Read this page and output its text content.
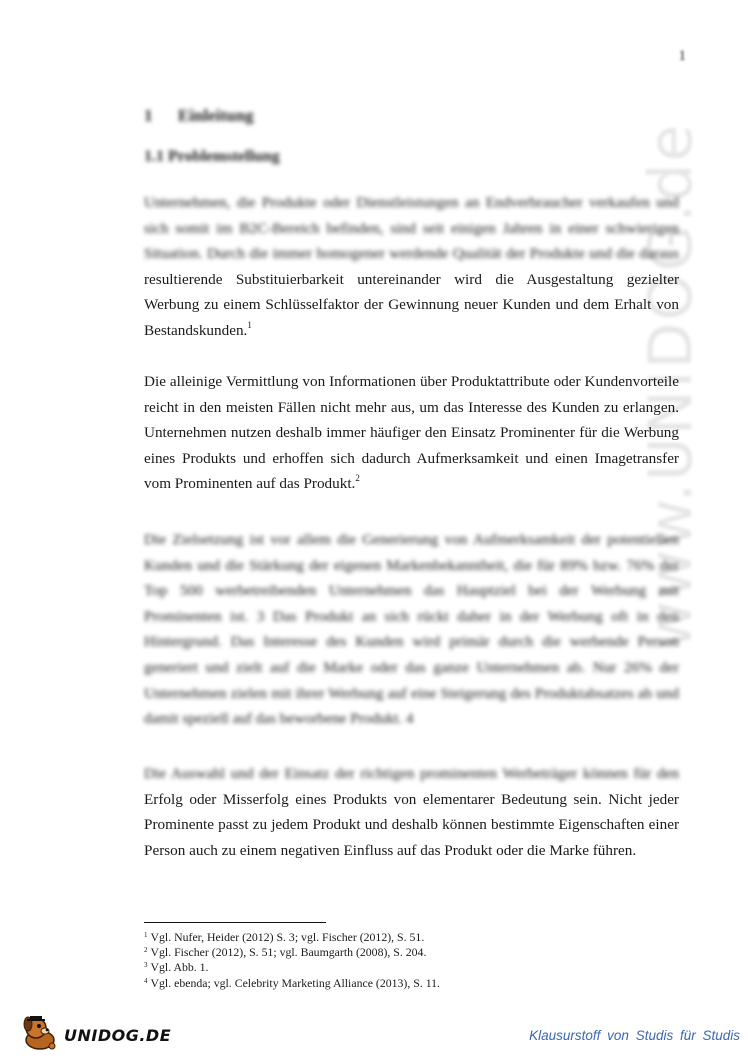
1
www.UNIDOG.de
1 Einleitung
1.1 Problemstellung

Unternehmen, die Produkte oder Dienstleistungen an Endverbraucher verkaufen und sich somit im B2C-Bereich befinden, sind seit einigen Jahren in einer schwierigen Situation. Durch die immer homogener werdende Qualität der Produkte und die daraus resultierende Substituierbarkeit untereinander wird die Ausgestaltung gezielter Werbung zu einem Schlüsselfaktor der Gewinnung neuer Kunden und dem Erhalt von Bestandskunden.$^1$

Die alleinige Vermittlung von Informationen über Produktattribute oder Kundenvorteile reicht in den meisten Fällen nicht mehr aus, um das Interesse des Kunden zu erlangen. Unternehmen nutzen deshalb immer häufiger den Einsatz Prominenter für die Werbung eines Produkts und erhoffen sich dadurch Aufmerksamkeit und einen Imagetransfer vom Prominenten auf das Produkt.$^2$

Die Zielsetzung ist vor allem die Generierung von Aufmerksamkeit der potentiellen Kunden und die Stärkung der eigenen Markenbekanntheit, die für 89% bzw. 76% der Top 500 werbetreibenden Unternehmen das Hauptziel bei der Werbung mit Prominenten ist. 3 Das Produkt an sich rückt daher in der Werbung oft in den Hintergrund. Das Interesse des Kunden wird primär durch die werbende Person generiert und zielt auf die Marke oder das ganze Unternehmen ab. Nur 26% der Unternehmen zielen mit ihrer Werbung auf eine Steigerung des Produktabsatzes ab und damit speziell auf das beworbene Produkt. 4

Die Auswahl und der Einsatz der richtigen prominenten Werbeträger können für den Erfolg oder Misserfolg eines Produkts von elementarer Bedeutung sein. Nicht jeder Prominente passt zu jedem Produkt und deshalb können bestimmte Eigenschaften einer Person auch zu einem negativen Einfluss auf das Produkt oder die Marke führen.

$^1$ Vgl. Nufer, Heider (2012) S. 3; vgl. Fischer (2012), S. 51.
$^2$ Vgl. Fischer (2012), S. 51; vgl. Baumgarth (2008), S. 204.
$^3$ Vgl. Abb. 1.
$^4$ Vgl. ebenda; vgl. Celebrity Marketing Alliance (2013), S. 11.
UNIDOG.DE	Klausurstoff von Studis für Studis
